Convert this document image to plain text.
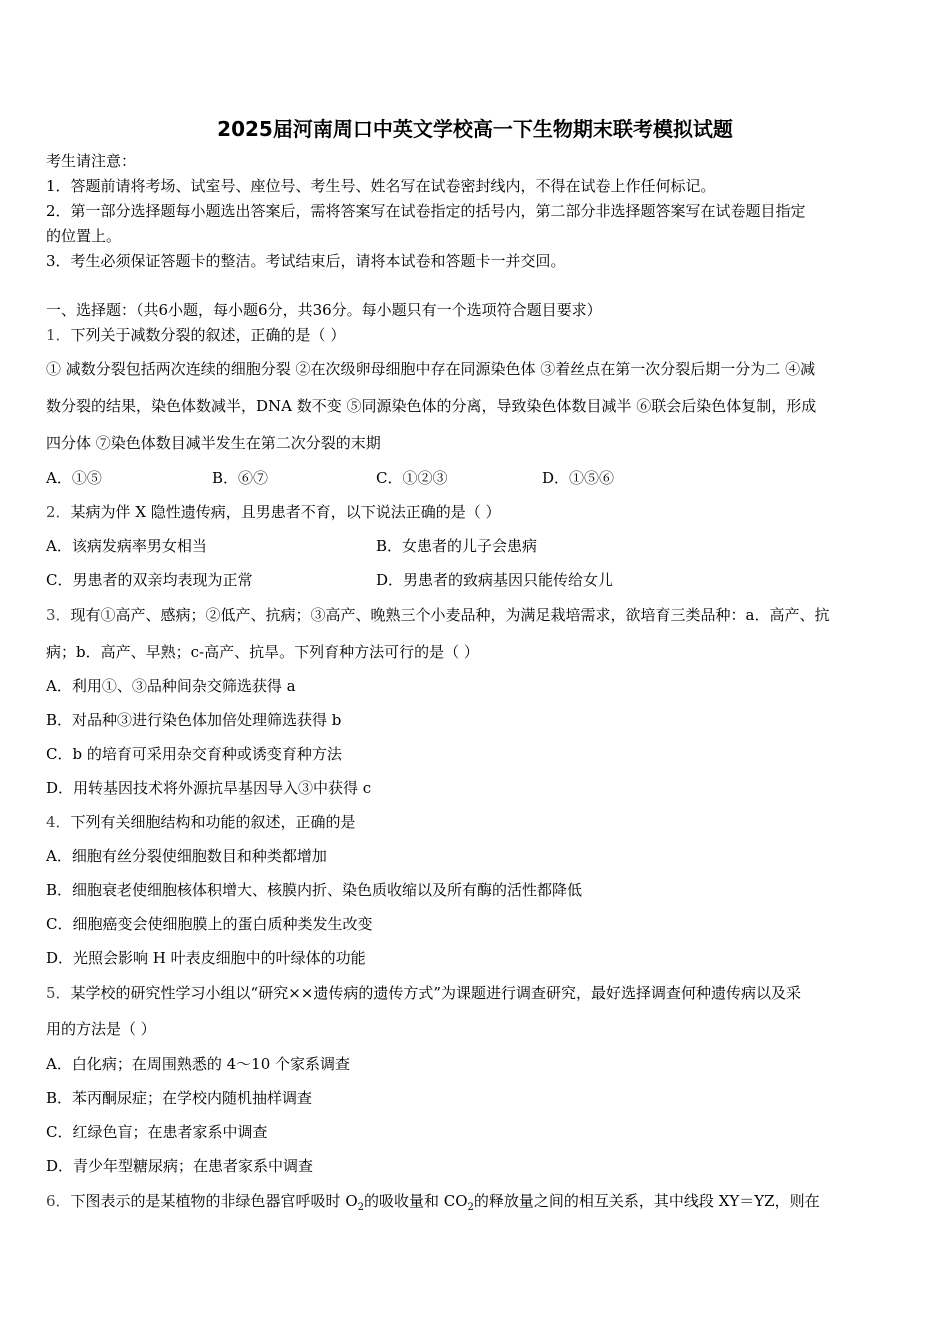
2025届河南周口中英文学校高一下生物期末联考模拟试题
考生请注意：
1．答题前请将考场、试室号、座位号、考生号、姓名写在试卷密封线内，不得在试卷上作任何标记。
2．第一部分选择题每小题选出答案后，需将答案写在试卷指定的括号内，第二部分非选择题答案写在试卷题目指定
的位置上。
3．考生必须保证答题卡的整洁。考试结束后，请将本试卷和答题卡一并交回。
一、选择题：（共6小题，每小题6分，共36分。每小题只有一个选项符合题目要求）
1．下列关于减数分裂的叙述，正确的是（ ）
① 减数分裂包括两次连续的细胞分裂 ②在次级卵母细胞中存在同源染色体 ③着丝点在第一次分裂后期一分为二 ④减
数分裂的结果，染色体数减半，DNA 数不变 ⑤同源染色体的分离，导致染色体数目减半 ⑥联会后染色体复制，形成
四分体 ⑦染色体数目减半发生在第二次分裂的末期
A．①⑤	B．⑥⑦	C．①②③	D．①⑤⑥
2．某病为伴 X 隐性遗传病，且男患者不育，以下说法正确的是（ ）
A．该病发病率男女相当	B．女患者的儿子会患病
C．男患者的双亲均表现为正常	D．男患者的致病基因只能传给女儿
3．现有①高产、感病；②低产、抗病；③高产、晚熟三个小麦品种，为满足栽培需求，欲培育三类品种：a．高产、抗
病；b．高产、早熟；c-高产、抗旱。下列育种方法可行的是（ ）
A．利用①、③品种间杂交筛选获得 a
B．对品种③进行染色体加倍处理筛选获得 b
C．b 的培育可采用杂交育种或诱变育种方法
D．用转基因技术将外源抗旱基因导入③中获得 c
4．下列有关细胞结构和功能的叙述，正确的是
A．细胞有丝分裂使细胞数目和种类都增加
B．细胞衰老使细胞核体积增大、核膜内折、染色质收缩以及所有酶的活性都降低
C．细胞癌变会使细胞膜上的蛋白质种类发生改变
D．光照会影响 H 叶表皮细胞中的叶绿体的功能
5．某学校的研究性学习小组以“研究××遗传病的遗传方式”为课题进行调查研究，最好选择调查何种遗传病以及采
用的方法是（ ）
A．白化病；在周围熟悉的 4～10 个家系调查
B．苯丙酮尿症；在学校内随机抽样调查
C．红绿色盲；在患者家系中调查
D．青少年型糖尿病；在患者家系中调查
6．下图表示的是某植物的非绿色器官呼吸时 $O_2$的吸收量和 $CO_2$的释放量之间的相互关系，其中线段 XY＝YZ，则在
